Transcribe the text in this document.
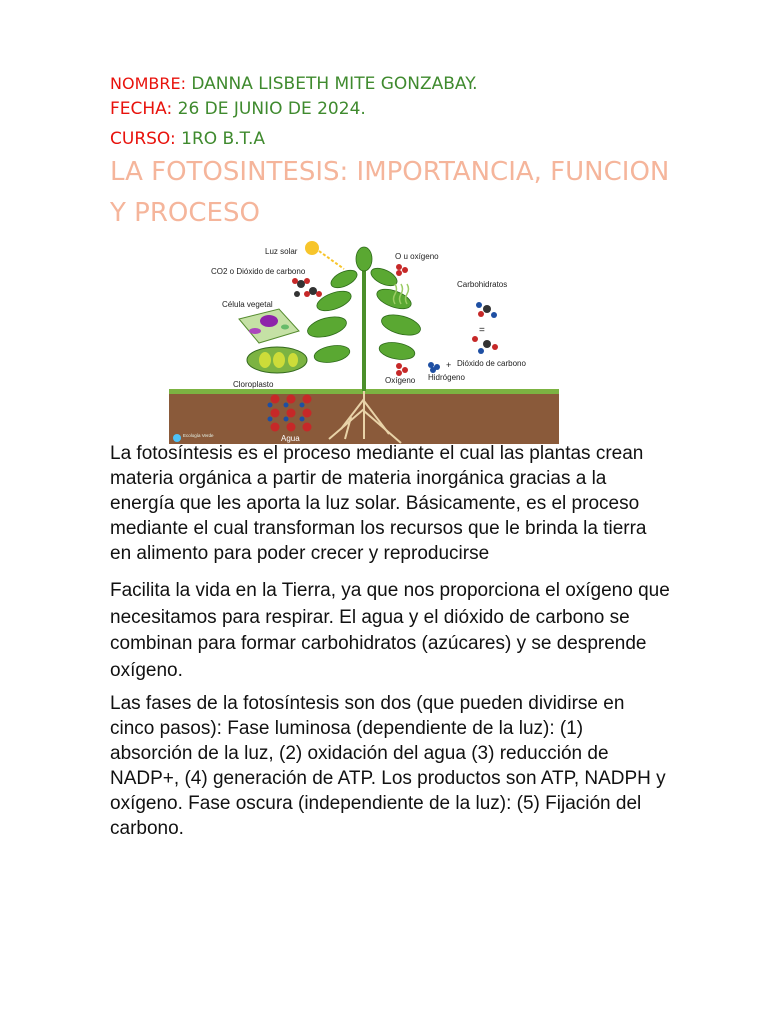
NOMBRE: DANNA LISBETH MITE GONZABAY.
FECHA: 26 DE JUNIO DE 2024.
CURSO: 1RO B.T.A
LA FOTOSINTESIS: IMPORTANCIA, FUNCION Y PROCESO
Agua
Luz solar
CO2 o Dióxido de carbono
O u oxígeno
Célula vegetal
Cloroplasto	Oxígeno
Carbohidratos
=
+ Dióxido de carbono
Hidrógeno
Ecología Verde

La fotosíntesis es el proceso mediante el cual las plantas crean materia orgánica a partir de materia inorgánica gracias a la energía que les aporta la luz solar. Básicamente, es el proceso mediante el cual transforman los recursos que le brinda la tierra en alimento para poder crecer y reproducirse

Facilita la vida en la Tierra, ya que nos proporciona el oxígeno que necesitamos para respirar. El agua y el dióxido de carbono se combinan para formar carbohidratos (azúcares) y se desprende oxígeno.

Las fases de la fotosíntesis son dos (que pueden dividirse en cinco pasos): Fase luminosa (dependiente de la luz): (1) absorción de la luz, (2) oxidación del agua (3) reducción de NADP+, (4) generación de ATP. Los productos son ATP, NADPH y oxígeno. Fase oscura (independiente de la luz): (5) Fijación del carbono.
